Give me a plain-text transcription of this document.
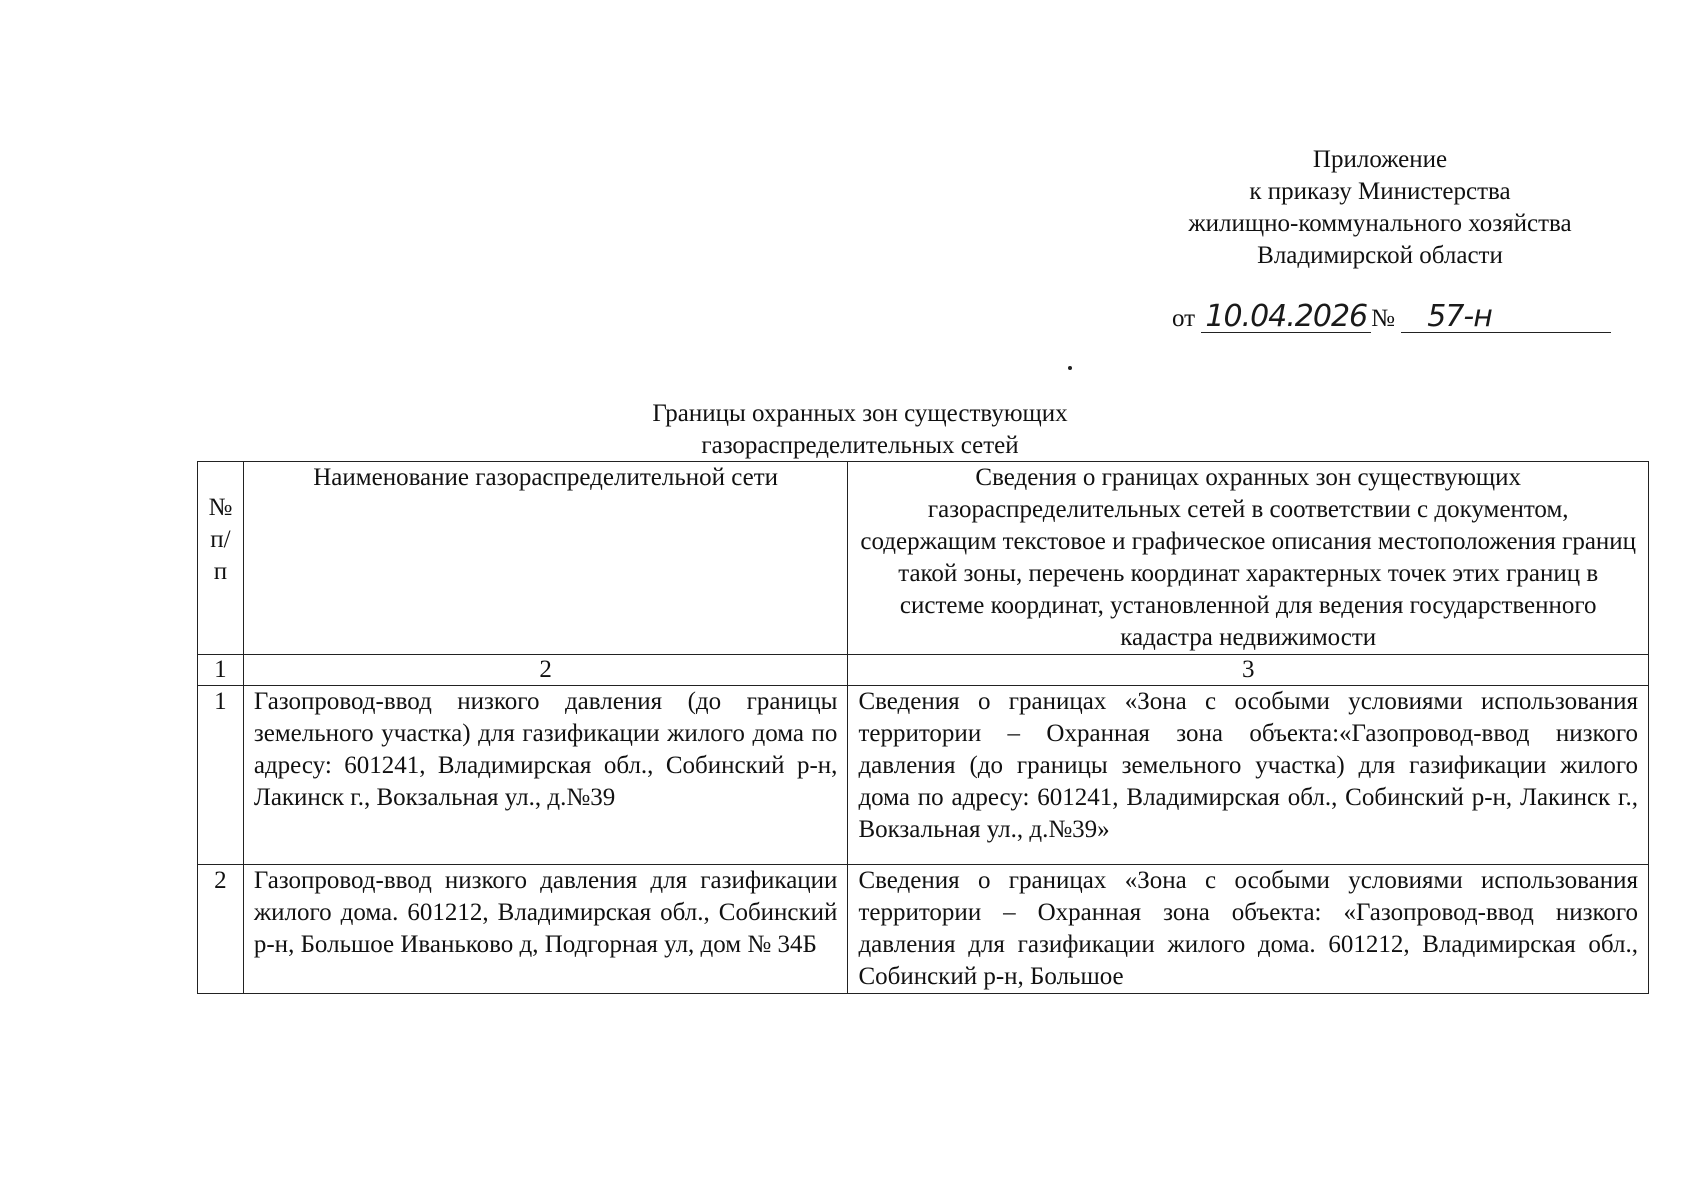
Приложение
к приказу Министерства
жилищно-коммунального хозяйства
Владимирской области
от 10.04.2026 № 57-н
Границы охранных зон существующих
газораспределительных сетей
№ п/п	Наименование газораспределительной сети	Сведения о границах охранных зон существующих газораспределительных сетей в соответствии с документом, содержащим текстовое и графическое описания местоположения границ такой зоны, перечень координат характерных точек этих границ в системе координат, установленной для ведения государственного кадастра недвижимости
1	2	3
1	Газопровод-ввод низкого давления (до границы земельного участка) для газификации жилого дома по адресу: 601241, Владимирская обл., Собинский р-н, Лакинск г., Вокзальная ул., д.№39	Сведения о границах «Зона с особыми условиями использования территории – Охранная зона объекта:«Газопровод-ввод низкого давления (до границы земельного участка) для газификации жилого дома по адресу: 601241, Владимирская обл., Собинский р-н, Лакинск г., Вокзальная ул., д.№39»
2	Газопровод-ввод низкого давления для газификации жилого дома. 601212, Владимирская обл., Собинский р-н, Большое Иваньково д, Подгорная ул, дом № 34Б	Сведения о границах «Зона с особыми условиями использования территории – Охранная зона объекта: «Газопровод-ввод низкого давления для газификации жилого дома. 601212, Владимирская обл., Собинский р-н, Большое
